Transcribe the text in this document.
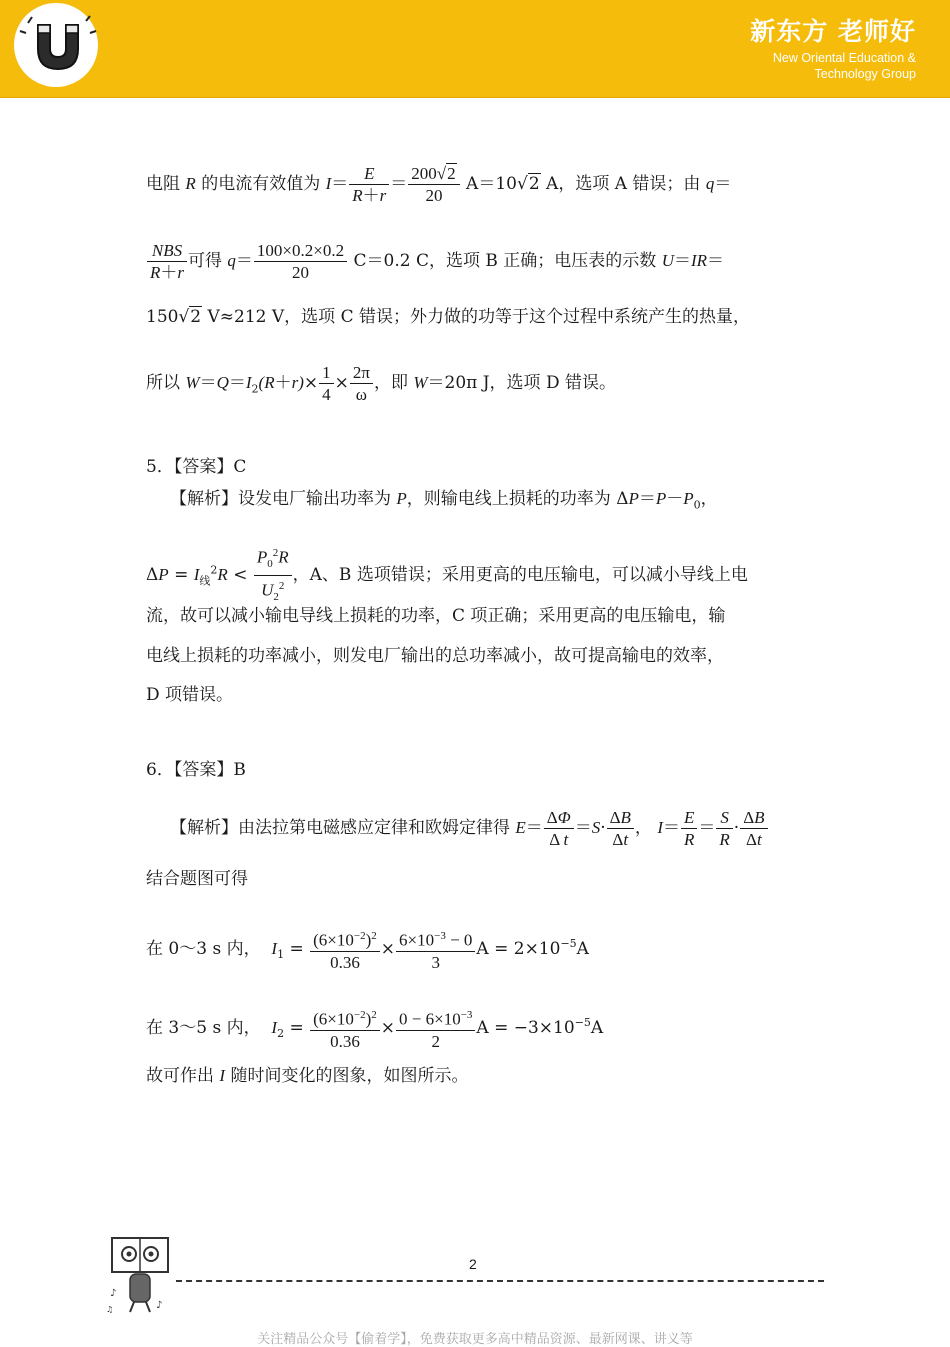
新东方 老师好
New Oriental Education &
Technology Group
电阻 R 的电流有效值为 $I= \frac{E}{R+r} = \frac{200√2}{20} A=10√2$ A，选项 A 错误；由 q＝
$\frac{\text{NBS}}{R+r}$ 可得 $q= \frac{100\times 0.2\times 0.2}{20} C=0.2$ C，选项 B 正确；电压表的示数 U＝IR＝
150√2 V≈212 V，选项 C 错误；外力做的功等于这个过程中系统产生的热量，
所以 $W=Q=I_2(R+r)\times \frac{1}{4} \times \frac{2\pi}{\omega}$ ，即 W＝20π J，选项 D 错误。
5．【答案】C
【解析】设发电厂输出功率为 P，则输电线上损耗的功率为 $\Delta P=P-P_0$，
$\Delta P = I_线^2R < \frac{P_0^2R}{U_2^2}$ ，A、B 选项错误；采用更高的电压输电，可以减小导线上电
流，故可以减小输电导线上损耗的功率，C 项正确；采用更高的电压输电，输
电线上损耗的功率减小，则发电厂输出的总功率减小，故可提高输电的效率，
D 项错误。
6．【答案】B
【解析】由法拉第电磁感应定律和欧姆定律得 $E= \frac{\Delta\Phi}{\text{Δ t}} =S\cdot \frac{\Delta B}{\Delta t}$ ， $I= \frac{E}{R} = \frac{S}{R} \cdot \frac{\Delta B}{\Delta t}$
结合题图可得
在 0～3 s 内， $I_1 = \frac{(6\times 10^{-2})^2}{0.36} \times \frac{6\times 10^{-3} - 0}{3}$ $A = 2\times 10^{-5}A$
在 3～5 s 内， $I_2 = \frac{(6\times 10^{-2})^2}{0.36} \times \frac{0 - 6\times 10^{-3}}{2}$ $A = -3\times 10^{-5}A$
故可作出 I 随时间变化的图象，如图所示。
♪
♪
♫
2
关注精品公众号【偷着学】，免费获取更多高中精品资源、最新网课、讲义等
